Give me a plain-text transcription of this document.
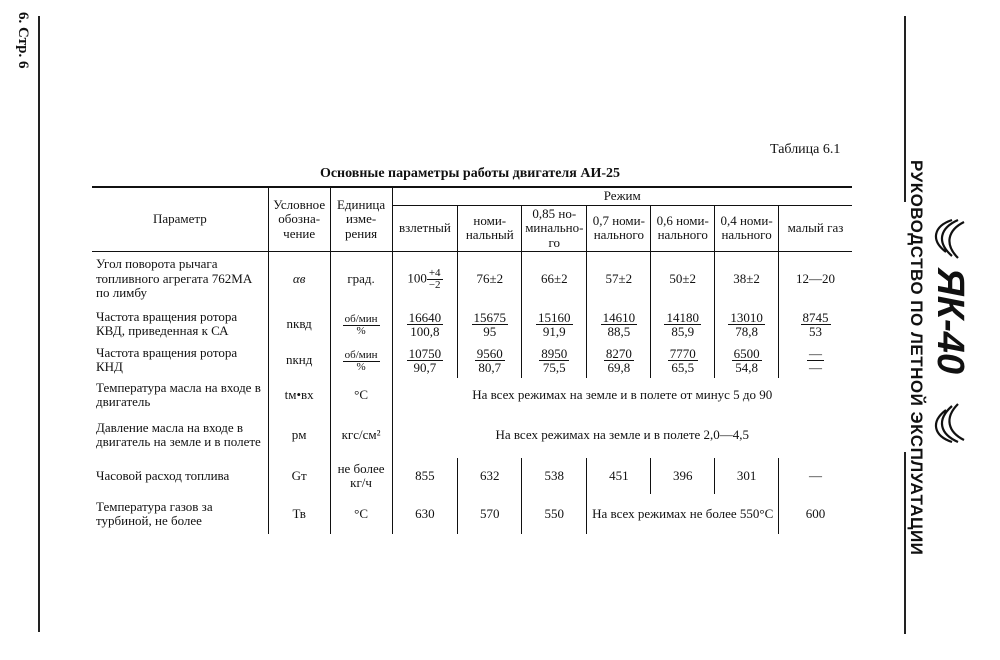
6. Стр. 6
РУКОВОДСТВО ПО ЛЕТНОЙ ЭКСПЛУАТАЦИИ ЯК-40
Таблица 6.1
Основные параметры работы двигателя АИ-25
Параметр	Условное обозна-чение	Единица изме-рения	Режим						
			взлетный	номи-нальный	0,85 но-минально-го	0,7 номи-нального	0,6 номи-нального	0,4 номи-нального	малый газ
Угол поворота рычага топливного агрегата 762МА по лимбу	αв	град.	$100 \frac{+4}{-2}$	76±2	66±2	57±2	50±2	38±2	12—20
Частота вращения ротора КВД, приведенная к СА	nквд	$\frac{\text{об/мин}}{\%}$	$\frac{16640}{100,8}$	$\frac{15675}{95}$	$\frac{15160}{91,9}$	$\frac{14610}{88,5}$	$\frac{14180}{85,9}$	$\frac{13010}{78,8}$	$\frac{8745}{53}$

Частота вращения ротора КНД	nкнд	$\frac{\text{об/мин}}{\%}$	$\frac{10750}{90,7}$	$\frac{9560}{80,7}$	$\frac{8950}{75,5}$	$\frac{8270}{69,8}$	$\frac{7770}{65,5}$	$\frac{6500}{54,8}$	$\frac{—}{—}$

Температура масла на входе в двигатель	tм•вх	°С	На всех режимах на земле и в полете от минус 5 до 90						
Давление масла на входе в двигатель на земле и в полете	pм	кгс/см²	На всех режимах на земле и в полете 2,0—4,5						
Часовой расход топлива	Gт	не более кг/ч	855	632	538	451	396	301	—
Температура газов за турбиной, не более	Тв	°С	630	570	550	На всех режимах не более 550°С			600
